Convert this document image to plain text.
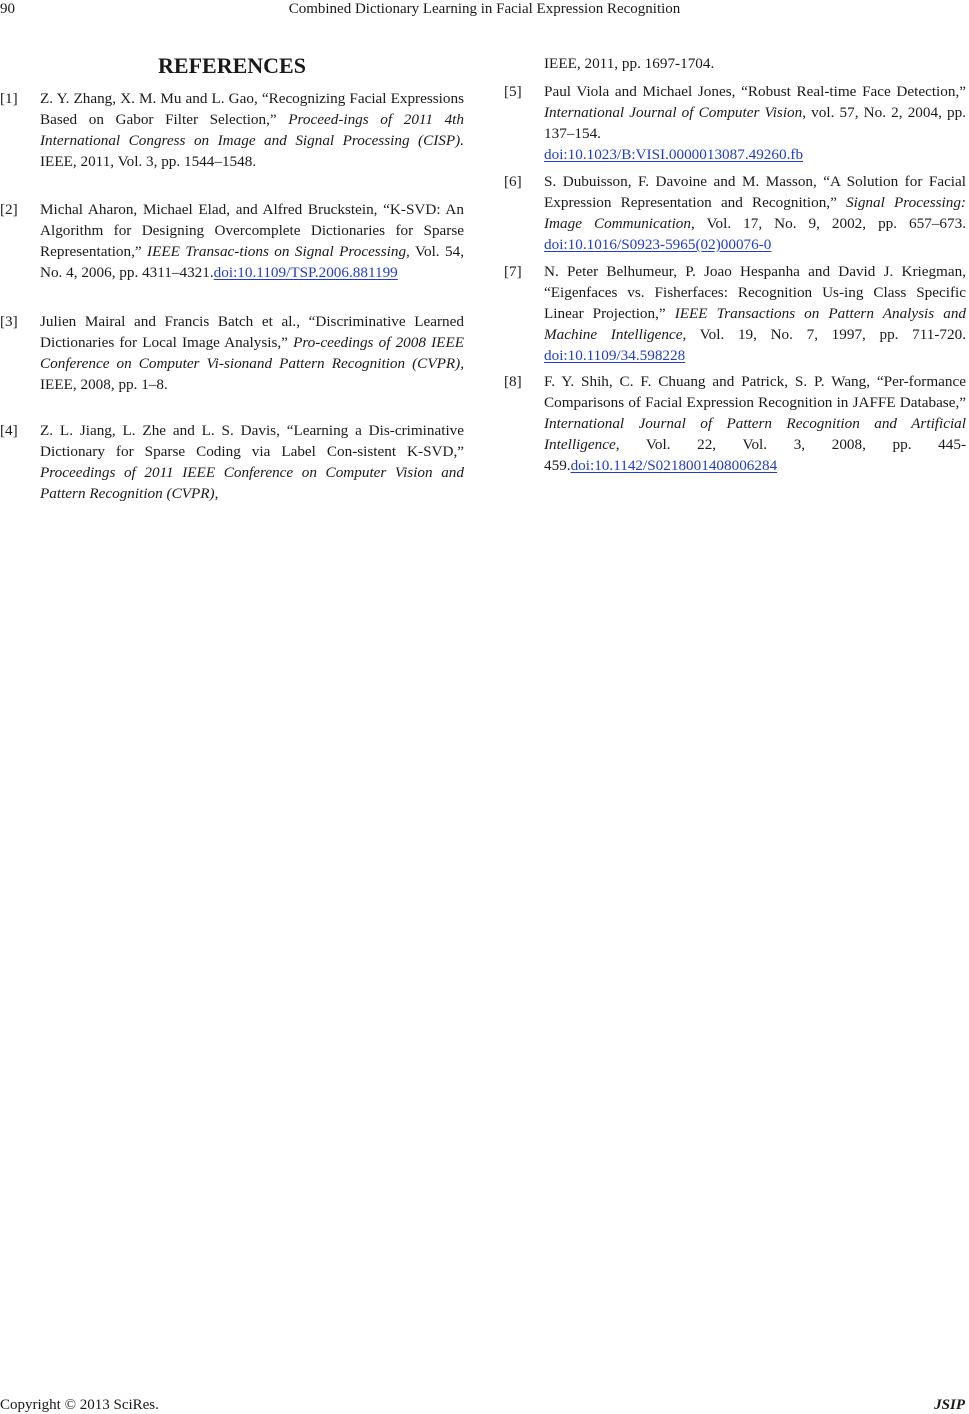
90	Combined Dictionary Learning in Facial Expression Recognition
REFERENCES
[1] Z. Y. Zhang, X. M. Mu and L. Gao, “Recognizing Facial Expressions Based on Gabor Filter Selection,” Proceed-ings of 2011 4th International Congress on Image and Signal Processing (CISP). IEEE, 2011, Vol. 3, pp. 1544–1548.
[2] Michal Aharon, Michael Elad, and Alfred Bruckstein, “K-SVD: An Algorithm for Designing Overcomplete Dictionaries for Sparse Representation,” IEEE Transac-tions on Signal Processing, Vol. 54, No. 4, 2006, pp. 4311–4321.doi:10.1109/TSP.2006.881199
[3] Julien Mairal and Francis Batch et al., “Discriminative Learned Dictionaries for Local Image Analysis,” Pro-ceedings of 2008 IEEE Conference on Computer Vi-sionand Pattern Recognition (CVPR), IEEE, 2008, pp. 1–8.
[4] Z. L. Jiang, L. Zhe and L. S. Davis, “Learning a Dis-criminative Dictionary for Sparse Coding via Label Con-sistent K-SVD,” Proceedings of 2011 IEEE Conference on Computer Vision and Pattern Recognition (CVPR),
IEEE, 2011, pp. 1697-1704.
[5] Paul Viola and Michael Jones, “Robust Real-time Face Detection,” International Journal of Computer Vision, vol. 57, No. 2, 2004, pp. 137–154.
doi:10.1023/B:VISI.0000013087.49260.fb
[6] S. Dubuisson, F. Davoine and M. Masson, “A Solution for Facial Expression Representation and Recognition,” Signal Processing: Image Communication, Vol. 17, No. 9, 2002, pp. 657–673. doi:10.1016/S0923-5965(02)00076-0
[7] N. Peter Belhumeur, P. Joao Hespanha and David J. Kriegman, “Eigenfaces vs. Fisherfaces: Recognition Us-ing Class Specific Linear Projection,” IEEE Transactions on Pattern Analysis and Machine Intelligence, Vol. 19, No. 7, 1997, pp. 711-720. doi:10.1109/34.598228
[8] F. Y. Shih, C. F. Chuang and Patrick, S. P. Wang, “Per-formance Comparisons of Facial Expression Recognition in JAFFE Database,” International Journal of Pattern Recognition and Artificial Intelligence, Vol. 22, Vol. 3, 2008, pp. 445-459.doi:10.1142/S0218001408006284
Copyright © 2013 SciRes.	JSIP
